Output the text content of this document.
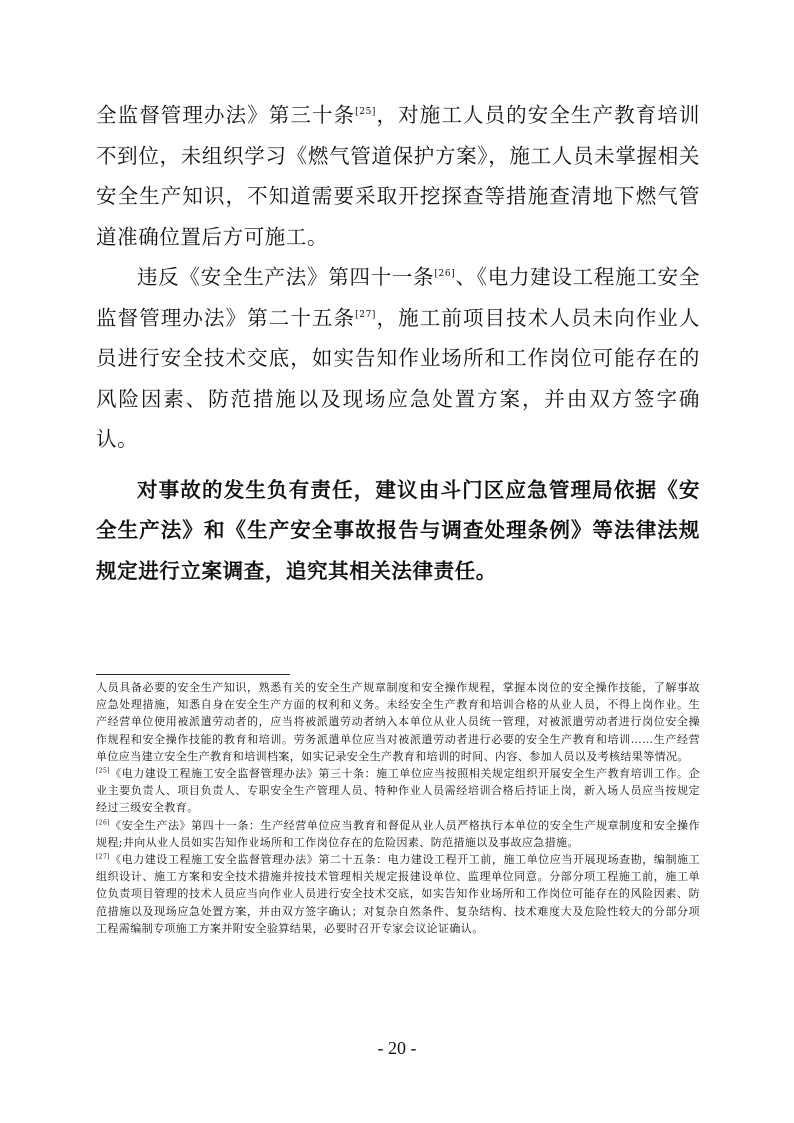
全监督管理办法》第三十条[25]，对施工人员的安全生产教育培训不到位，未组织学习《燃气管道保护方案》，施工人员未掌握相关安全生产知识，不知道需要采取开挖探查等措施查清地下燃气管道准确位置后方可施工。

违反《安全生产法》第四十一条[26]、《电力建设工程施工安全监督管理办法》第二十五条[27]，施工前项目技术人员未向作业人员进行安全技术交底，如实告知作业场所和工作岗位可能存在的风险因素、防范措施以及现场应急处置方案，并由双方签字确认。

对事故的发生负有责任，建议由斗门区应急管理局依据《安全生产法》和《生产安全事故报告与调查处理条例》等法律法规规定进行立案调查，追究其相关法律责任。

人员具备必要的安全生产知识，熟悉有关的安全生产规章制度和安全操作规程，掌握本岗位的安全操作技能，了解事故应急处理措施，知悉自身在安全生产方面的权利和义务。未经安全生产教育和培训合格的从业人员，不得上岗作业。生产经营单位使用被派遣劳动者的，应当将被派遣劳动者纳入本单位从业人员统一管理，对被派遣劳动者进行岗位安全操作规程和安全操作技能的教育和培训。劳务派遣单位应当对被派遣劳动者进行必要的安全生产教育和培训……生产经营单位应当建立安全生产教育和培训档案，如实记录安全生产教育和培训的时间、内容、参加人员以及考核结果等情况。

[25]《电力建设工程施工安全监督管理办法》第三十条：施工单位应当按照相关规定组织开展安全生产教育培训工作。企业主要负责人、项目负责人、专职安全生产管理人员、特种作业人员需经培训合格后持证上岗，新入场人员应当按规定经过三级安全教育。

[26]《安全生产法》第四十一条：生产经营单位应当教育和督促从业人员严格执行本单位的安全生产规章制度和安全操作规程;并向从业人员如实告知作业场所和工作岗位存在的危险因素、防范措施以及事故应急措施。

[27]《电力建设工程施工安全监督管理办法》第二十五条：电力建设工程开工前，施工单位应当开展现场查勘，编制施工组织设计、施工方案和安全技术措施并按技术管理相关规定报建设单位、监理单位同意。分部分项工程施工前，施工单位负责项目管理的技术人员应当向作业人员进行安全技术交底，如实告知作业场所和工作岗位可能存在的风险因素、防范措施以及现场应急处置方案，并由双方签字确认；对复杂自然条件、复杂结构、技术难度大及危险性较大的分部分项工程需编制专项施工方案并附安全验算结果，必要时召开专家会议论证确认。

- 20 -
